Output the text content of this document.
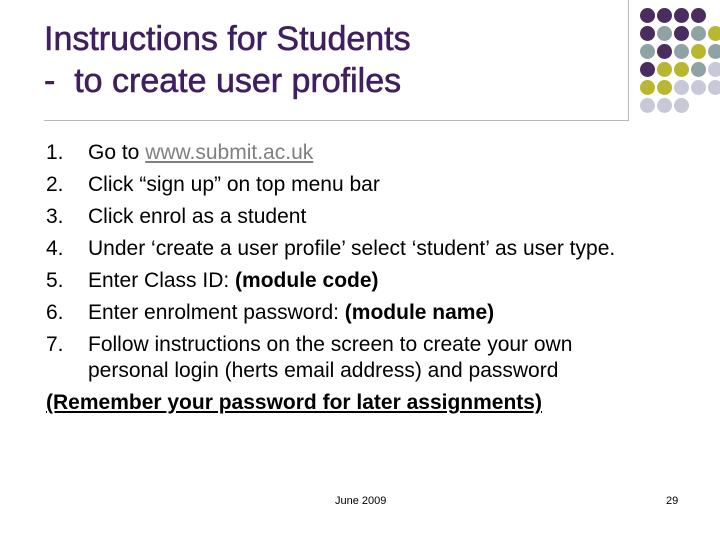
Instructions for Students
-  to create user profiles
1.	Go to www.submit.ac.uk
2.	Click “sign up” on top menu bar
3.	Click enrol as a student
4.	Under ‘create a user profile’ select ‘student’ as user type.
5.	Enter Class ID: (module code)
6.	Enter enrolment password: (module name)
7.	Follow instructions on the screen to create your own personal login (herts email address) and password
(Remember your password for later assignments)
June 2009	29
